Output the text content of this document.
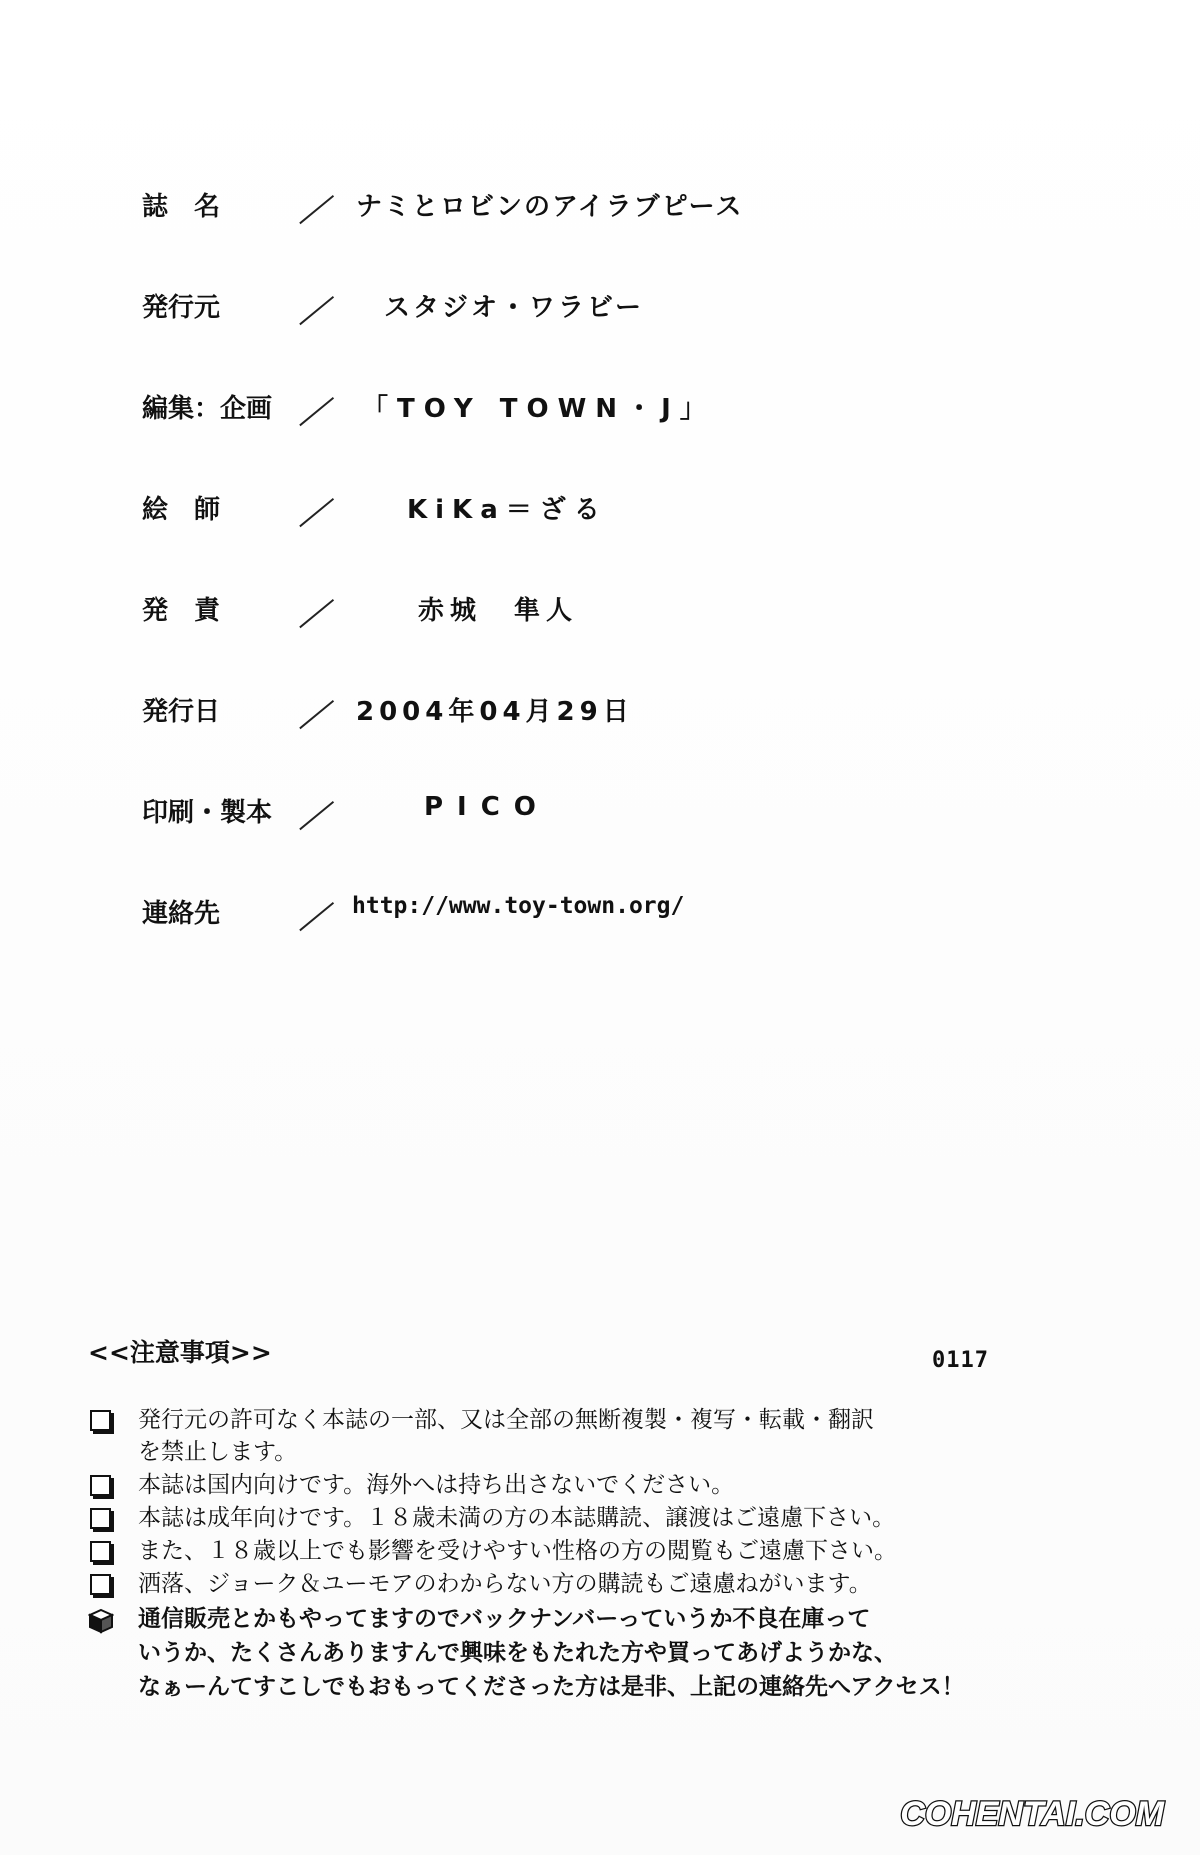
誌　名	／ ナミとロビンのアイラブピース
発行元	／ スタジオ・ワラビー
編集：企画 ／ 「TOY TOWN・J」
絵　師	／	KiKa＝ざる
発　責	／	赤城　隼人
発行日	／ 2004年04月29日
印刷・製本 ／	PICO
連絡先	／ http://www.toy-town.org/
<<注意事項>>	0117
発行元の許可なく本誌の一部、又は全部の無断複製・複写・転載・翻訳
を禁止します。
本誌は国内向けです。海外へは持ち出さないでください。
本誌は成年向けです。１８歳未満の方の本誌購読、譲渡はご遠慮下さい。
また、１８歳以上でも影響を受けやすい性格の方の閲覧もご遠慮下さい。
洒落、ジョーク＆ユーモアのわからない方の購読もご遠慮ねがいます。
通信販売とかもやってますのでバックナンバーっていうか不良在庫って
いうか、たくさんありますんで興味をもたれた方や買ってあげようかな、
なぁーんてすこしでもおもってくださった方は是非、上記の連絡先へアクセス！
COHENTAI.COM
